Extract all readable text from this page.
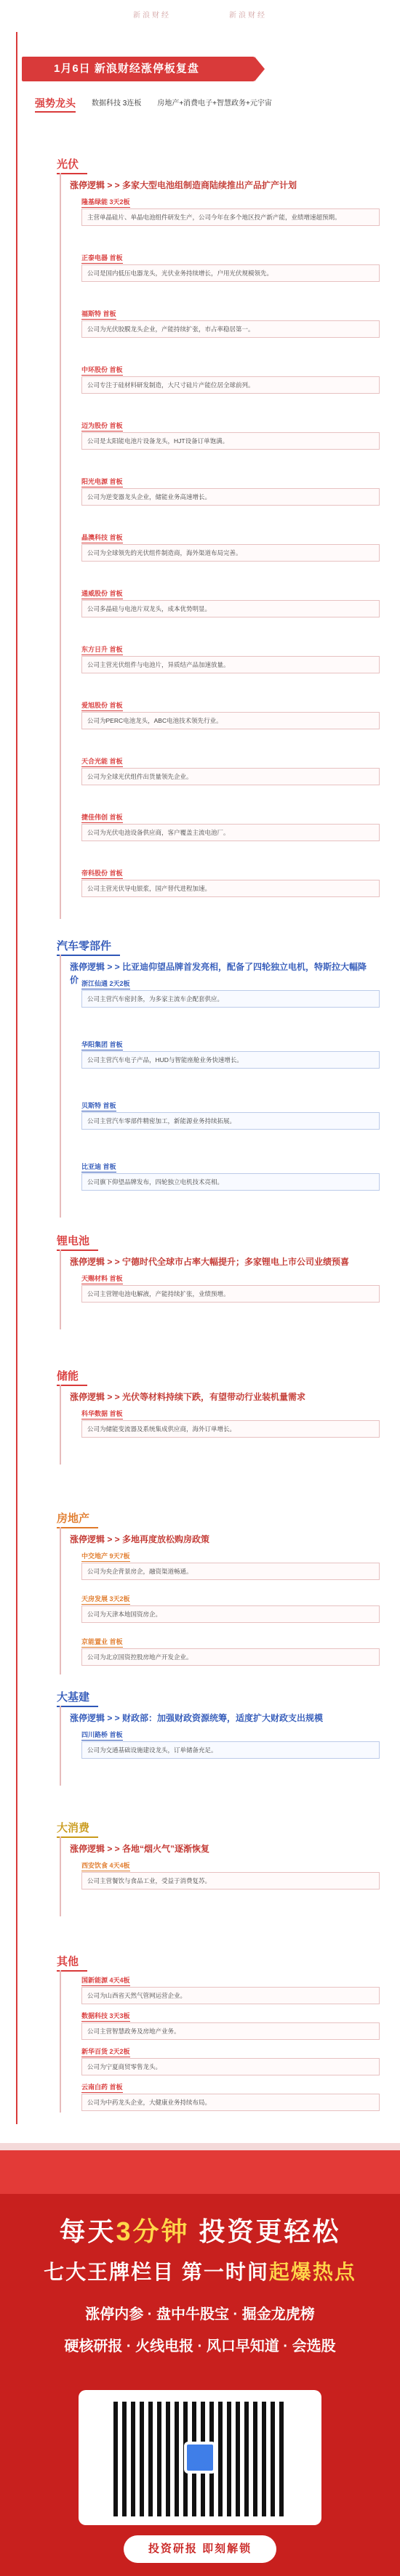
新浪财经	新浪财经
1月6日 新浪财经涨停板复盘
强势龙头 数据科技 3连板 房地产+消费电子+智慧政务+元宇宙
光伏
涨停逻辑 > > 多家大型电池组制造商陆续推出产品扩产计划
隆基绿能 3天2板
主营单晶硅片、单晶电池组件研发生产，公司今年在多个地区投产新产能，业绩增速超预期。
正泰电器 首板
公司是国内低压电器龙头，光伏业务持续增长，户用光伏规模领先。
福斯特 首板
公司为光伏胶膜龙头企业，产能持续扩张，市占率稳居第一。
中环股份 首板
公司专注于硅材料研发制造，大尺寸硅片产能位居全球前列。
迈为股份 首板
公司是太阳能电池片设备龙头，HJT设备订单饱满。
阳光电源 首板
公司为逆变器龙头企业，储能业务高速增长。
晶澳科技 首板
公司为全球领先的光伏组件制造商，海外渠道布局完善。
通威股份 首板
公司多晶硅与电池片双龙头，成本优势明显。
东方日升 首板
公司主营光伏组件与电池片，异质结产品加速放量。
爱旭股份 首板
公司为PERC电池龙头，ABC电池技术领先行业。
天合光能 首板
公司为全球光伏组件出货量领先企业。
捷佳伟创 首板
公司为光伏电池设备供应商，客户覆盖主流电池厂。
帝科股份 首板
公司主营光伏导电银浆，国产替代进程加速。
汽车零部件
涨停逻辑 > > 比亚迪仰望品牌首发亮相，配备了四轮独立电机，特斯拉大幅降价 浙江仙通 2天2板
公司主营汽车密封条，为多家主流车企配套供应。
华阳集团 首板
公司主营汽车电子产品，HUD与智能座舱业务快速增长。
贝斯特 首板
公司主营汽车零部件精密加工，新能源业务持续拓展。
比亚迪 首板
公司旗下仰望品牌发布，四轮独立电机技术亮相。
锂电池
涨停逻辑 > > 宁德时代全球市占率大幅提升；多家锂电上市公司业绩预喜
天赐材料 首板
公司主营锂电池电解液，产能持续扩张，业绩预增。
储能
涨停逻辑 > > 光伏等材料持续下跌，有望带动行业装机量需求
科华数据 首板
公司为储能变流器及系统集成供应商，海外订单增长。
房地产
涨停逻辑 > > 多地再度放松购房政策
中交地产 9天7板
公司为央企背景房企，融资渠道畅通。
天房发展 3天2板
公司为天津本地国资房企。
京能置业 首板
公司为北京国资控股房地产开发企业。
大基建
涨停逻辑 > > 财政部：加强财政资源统筹，适度扩大财政支出规模
四川路桥 首板
公司为交通基础设施建设龙头，订单储备充足。
大消费
涨停逻辑 > > 各地“烟火气”逐渐恢复
西安饮食 4天4板
公司主营餐饮与食品工业，受益于消费复苏。
其他
国新能源 4天4板
公司为山西省天然气管网运营企业。
数据科技 3天3板
公司主营智慧政务及房地产业务。
新华百货 2天2板
公司为宁夏商贸零售龙头。
云南白药 首板
公司为中药龙头企业，大健康业务持续布局。
每天3分钟 投资更轻松
七大王牌栏目 第一时间起爆热点
涨停内参 · 盘中牛股宝 · 掘金龙虎榜
硬核研报 · 火线电报 · 风口早知道 · 会选股
投资研报 即刻解锁
